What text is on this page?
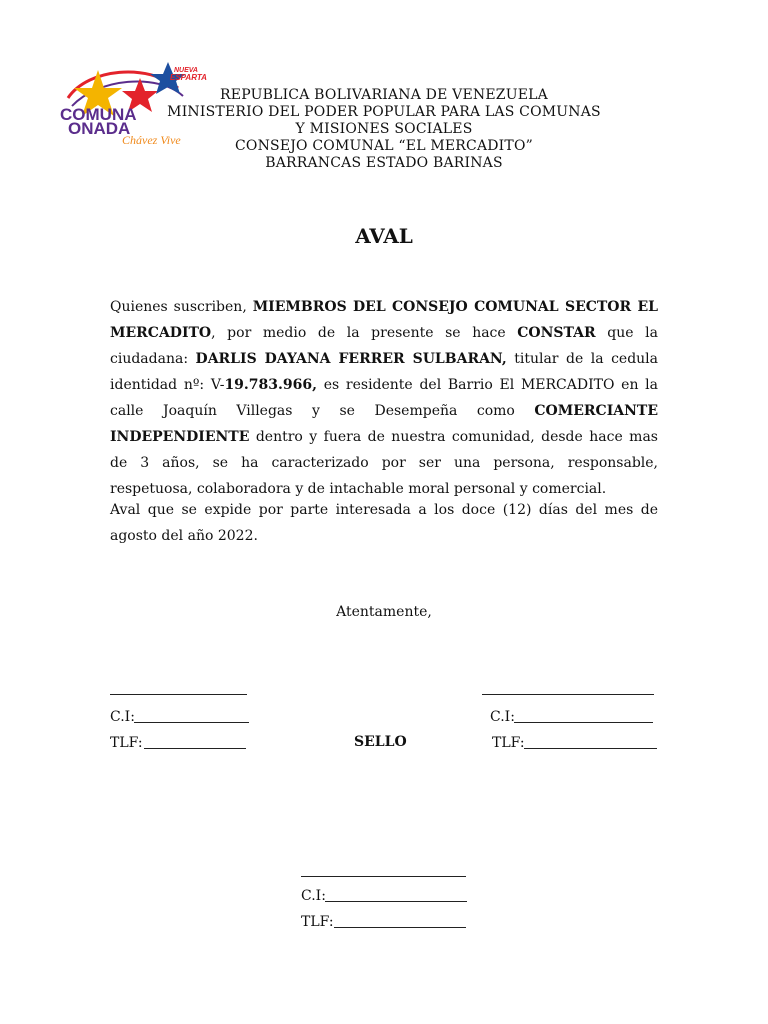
NUEVA
ESPARTA
COMUNA
ONADA
Chávez Vive
REPUBLICA BOLIVARIANA DE VENEZUELA
MINISTERIO DEL PODER POPULAR PARA LAS COMUNAS
Y MISIONES SOCIALES
CONSEJO COMUNAL “EL MERCADITO”
BARRANCAS ESTADO BARINAS
AVAL
Quienes suscriben, MIEMBROS DEL CONSEJO COMUNAL SECTOR EL MERCADITO, por medio de la presente se hace CONSTAR que la ciudadana: DARLIS DAYANA FERRER SULBARAN, titular de la cedula identidad nº: V-19.783.966, es residente del Barrio El MERCADITO en la calle Joaquín Villegas y se Desempeña como COMERCIANTE INDEPENDIENTE dentro y fuera de nuestra comunidad, desde hace mas de 3 años, se ha caracterizado por ser una persona, responsable, respetuosa, colaboradora y de intachable moral personal y comercial.
Aval que se expide por parte interesada a los doce (12) días del mes de agosto del año 2022.
Atentamente,
C.I:
TLF:	SELLO
C.I:
TLF:
C.I:
TLF:
